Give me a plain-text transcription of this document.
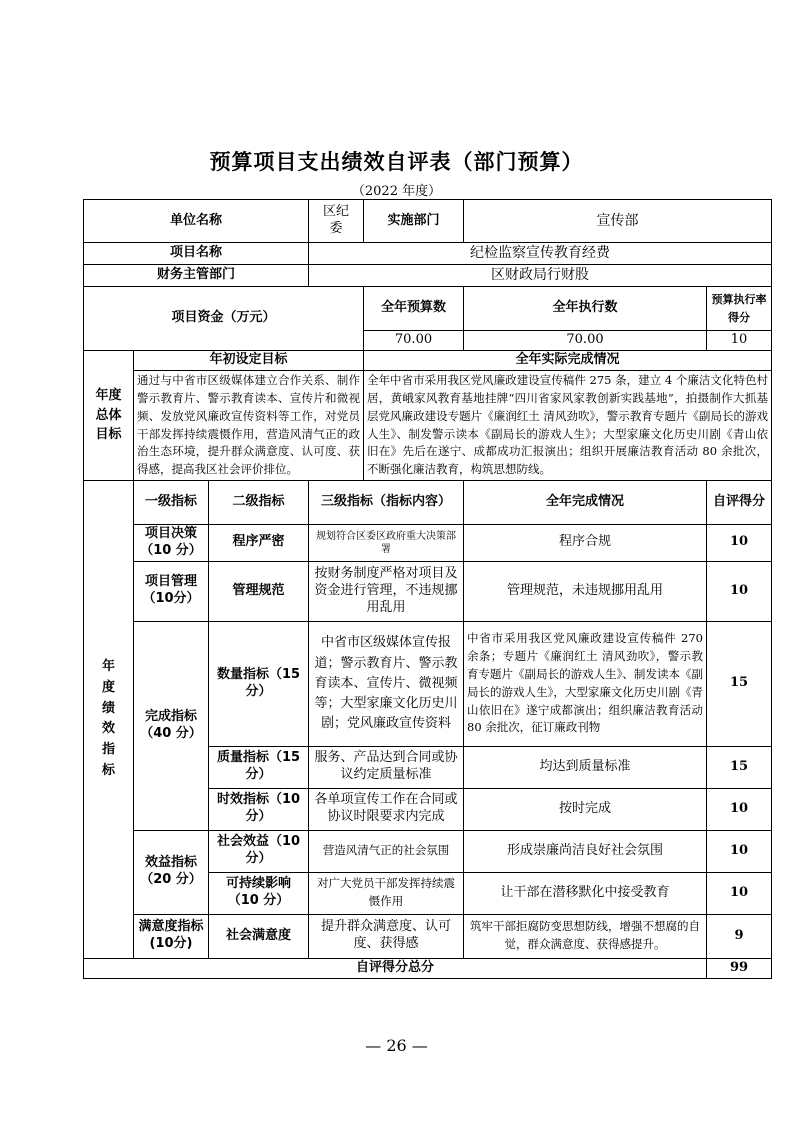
预算项目支出绩效自评表（部门预算）
（2022 年度）
单位名称			区纪委	实施部门	宣传部	
项目名称			纪检监察宣传教育经费			
财务主管部门			区财政局行财股			
项目资金（万元）				全年预算数	全年执行数	预算执行率得分
				70.00	70.00	10

年度总体目标	年初设定目标			全年实际完成情况		
	通过与中省市区级媒体建立合作关系、制作警示教育片、警示教育读本、宣传片和微视频、发放党风廉政宣传资料等工作，对党员干部发挥持续震慑作用，营造风清气正的政治生态环境，提升群众满意度、认可度、获得感，提高我区社会评价排位。			全年中省市采用我区党风廉政建设宣传稿件 275 条，建立 4 个廉洁文化特色村居，黄峨家风教育基地挂牌“四川省家风家教创新实践基地”，拍摄制作大抓基层党风廉政建设专题片《廉润红土 清风劲吹》，警示教育专题片《副局长的游戏人生》、制发警示读本《副局长的游戏人生》；大型家廉文化历史川剧《青山依旧在》先后在遂宁、成都成功汇报演出；组织开展廉洁教育活动 80 余批次，不断强化廉洁教育，构筑思想防线。		

年度绩效指标	一级指标	二级指标	三级指标（指标内容）		全年完成情况	自评得分
	项目决策（10 分）	程序严密	规划符合区委区政府重大决策部署		程序合规	10
	项目管理（10分）	管理规范	按财务制度严格对项目及资金进行管理，不违规挪用乱用		管理规范，未违规挪用乱用	10
	完成指标（40 分）	数量指标（15 分）	中省市区级媒体宣传报道；警示教育片、警示教育读本、宣传片、微视频等；大型家廉文化历史川剧；党风廉政宣传资料		中省市采用我区党风廉政建设宣传稿件 270 余条；专题片《廉润红土 清风劲吹》，警示教育专题片《副局长的游戏人生》、制发读本《副局长的游戏人生》，大型家廉文化历史川剧《青山依旧在》遂宁成都演出；组织廉洁教育活动 80 余批次，征订廉政刊物	15
		质量指标（15 分）	服务、产品达到合同或协议约定质量标准		均达到质量标准	15
		时效指标（10 分）	各单项宣传工作在合同或协议时限要求内完成		按时完成	10
	效益指标（20 分）	社会效益（10 分）	营造风清气正的社会氛围		形成崇廉尚洁良好社会氛围	10
		可持续影响（10 分）	对广大党员干部发挥持续震慑作用		让干部在潜移默化中接受教育	10
	满意度指标(10分)	社会满意度	提升群众满意度、认可度、获得感		筑牢干部拒腐防变思想防线，增强不想腐的自觉，群众满意度、获得感提升。	9
自评得分总分						99
— 26 —
